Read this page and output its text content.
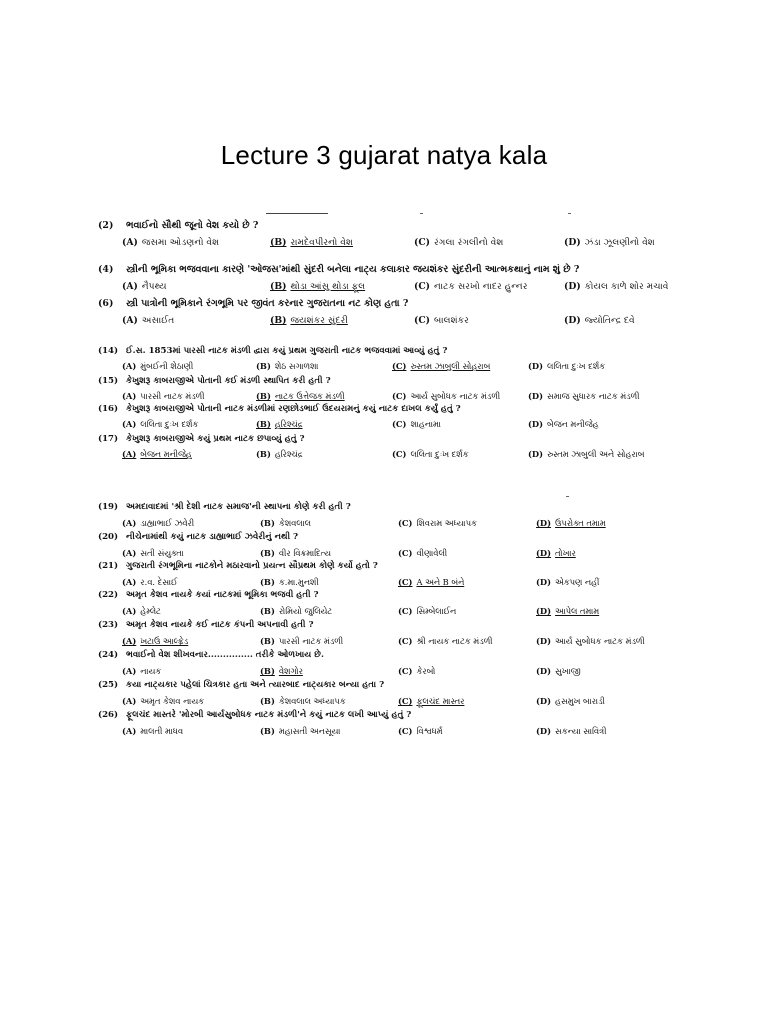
Lecture 3 gujarat natya kala
(2) ભવાઈનો સૌથી જૂનો વેશ કયો છે ?
(A) જસમા ઓડણનો વેશ	(B) રામદેવપીરનો વેશ	(C) રંગલા રંગલીનો વેશ	(D) ઝંડા ઝૂલણીનો વેશ
(4) સ્ત્રીની ભૂમિકા ભજવવાના કારણે 'ઓજસ'માંથી સુંદરી બનેલા નાટ્ય કલાકાર જયશંકર સુંદરીની આત્મકથાનું નામ શું છે ?
(A) નૈપથ્ય	(B) થોડા આંસુ થોડા ફૂલ	(C) નાટક સરખો નાદર હુન્નર	(D) કોયલ કાળે શોર મચાવે
(6) સ્ત્રી પાત્રોની ભૂમિકાને રંગભૂમિ પર જીવંત કરનાર ગુજરાતના નટ કોણ હતા ?
(A) અસાઈત	(B) જયશંકર સુંદરી	(C) બાલશંકર	(D) જ્યોતિન્દ્ર દવે
(14) ઈ.સ. 1853માં પારસી નાટક મંડળી દ્વારા કયું પ્રથમ ગુજરાતી નાટક ભજવવામાં આવ્યું હતું ?
(A) મુંબઈની શેઠાણી	(B) શેઠ સગાળશા	(C) રુસ્તમ ઝાબુલી સોહરાબ	(D) લલિતા દુઃખ દર્શક
(15) કેખુશરૂ કાબરાજીએ પોતાની કઈ મંડળી સ્થાપિત કરી હતી ?
(A) પારસી નાટક મંડળી	(B) નાટક ઉત્તેજક મંડળી	(C) આર્ય સુબોધક નાટક મંડળી	(D) સમાજ સુધારક નાટક મંડળી
(16) કેખુશરૂ કાબરાજીએ પોતાની નાટક મંડળીમાં રણછોડભાઈ ઉદયરામનું કયું નાટક દાખલ કર્યું હતું ?
(A) લલિતા દુઃખ દર્શક	(B) હરિશ્ચંદ્ર	(C) શાહનામા	(D) બેજન મનીજેહ
(17) કેખુશરૂ કાબરાજીએ કયું પ્રથમ નાટક છપાવ્યું હતું ?
(A) બેજન મનીજેહ	(B) હરિશ્ચંદ્ર	(C) લલિતા દુઃખ દર્શક	(D) રુસ્તમ ઝાબુલી અને સોહરાબ
(19) અમદાવાદમાં 'શ્રી દેશી નાટક સમાજ'ની સ્થાપના કોણે કરી હતી ?
(A) ડાહ્યાભાઈ ઝવેરી	(B) કેશવલાલ	(C) શિવરામ અધ્યાપક	(D) ઉપરોક્ત તમામ
(20) નીચેનામાંથી કયું નાટક ડાહ્યાભાઈ ઝવેરીનું નથી ?
(A) સતી સંયુક્તા	(B) વીર વિક્રમાદિત્ય	(C) વીણાવેલી	(D) તોખાર
(21) ગુજરાતી રંગભૂમિના નાટકોને મઠારવાનો પ્રયત્ન સૌપ્રથમ કોણે કર્યો હતો ?
(A) ર.વ. દેસાઈ	(B) ક.મા.મુનશી	(C) A અને B બંને	(D) એકપણ નહીં
(22) અમૃત કેશવ નાયકે કયાં નાટકમાં ભૂમિકા ભજવી હતી ?
(A) હેમ્લેટ	(B) રોમિયો જુલિયેટ	(C) સિમ્બેલાઈન	(D) આપેલ તમામ
(23) અમૃત કેશવ નાયકે કઈ નાટક કંપની અપનાવી હતી ?
(A) ખટાઉ આલ્ફ્રેડ	(B) પારસી નાટક મંડળી	(C) શ્રી નાયક નાટક મંડળી	(D) આર્ય સુબોધક નાટક મંડળી
(24) ભવાઈનો વેશ શીખવનાર............... તરીકે ઓળખાય છે.
(A) નાયક	(B) વેશગોર	(C) કેરબો	(D) સુખાજી
(25) કયા નાટ્યકાર પહેલાં ચિત્રકાર હતા અને ત્યારબાદ નાટ્યકાર બન્યા હતા ?
(A) અમૃત કેશવ નાયક	(B) કેશવલાલ અધ્યાપક	(C) ફૂલચંદ માસ્તર	(D) હસમુખ બારાડી
(26) ફૂલચંદ માસ્તરે 'મોરબી આર્યસુબોધક નાટક મંડળી'ને કયું નાટક લખી આપ્યું હતું ?
(A) માલતી માધવ	(B) મહાસતી અનસૂયા	(C) વિશ્વધર્મ	(D) સકન્યા સાવિત્રી
